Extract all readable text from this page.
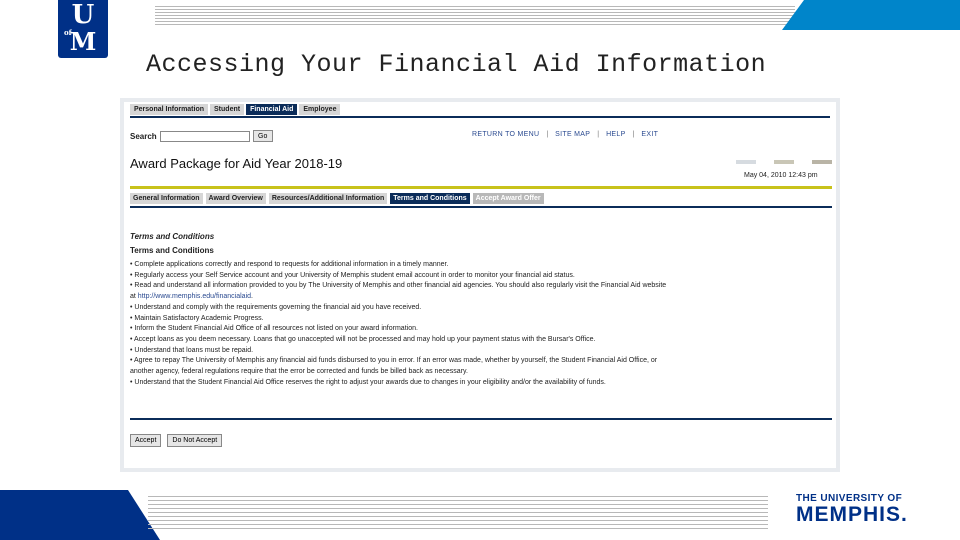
U
M
of
Accessing Your Financial Aid Information
Personal Information	Student	Financial Aid	Employee
Search	Go	RETURN TO MENU | SITE MAP | HELP | EXIT
Award Package for Aid Year 2018-19
May 04, 2010 12:43 pm
General Information	Award Overview	Resources/Additional Information	Terms and Conditions	Accept Award Offer
Terms and Conditions
Terms and Conditions
• Complete applications correctly and respond to requests for additional information in a timely manner.
• Regularly access your Self Service account and your University of Memphis student email account in order to monitor your financial aid status.
• Read and understand all information provided to you by The University of Memphis and other financial aid agencies. You should also regularly visit the Financial Aid website
at http://www.memphis.edu/financialaid.
• Understand and comply with the requirements governing the financial aid you have received.
• Maintain Satisfactory Academic Progress.
• Inform the Student Financial Aid Office of all resources not listed on your award information.
• Accept loans as you deem necessary. Loans that go unaccepted will not be processed and may hold up your payment status with the Bursar's Office.
• Understand that loans must be repaid.
• Agree to repay The University of Memphis any financial aid funds disbursed to you in error. If an error was made, whether by yourself, the Student Financial Aid Office, or
another agency, federal regulations require that the error be corrected and funds be billed back as necessary.
• Understand that the Student Financial Aid Office reserves the right to adjust your awards due to changes in your eligibility and/or the availability of funds.
Accept	Do Not Accept
THE UNIVERSITY OF
MEMPHIS.
